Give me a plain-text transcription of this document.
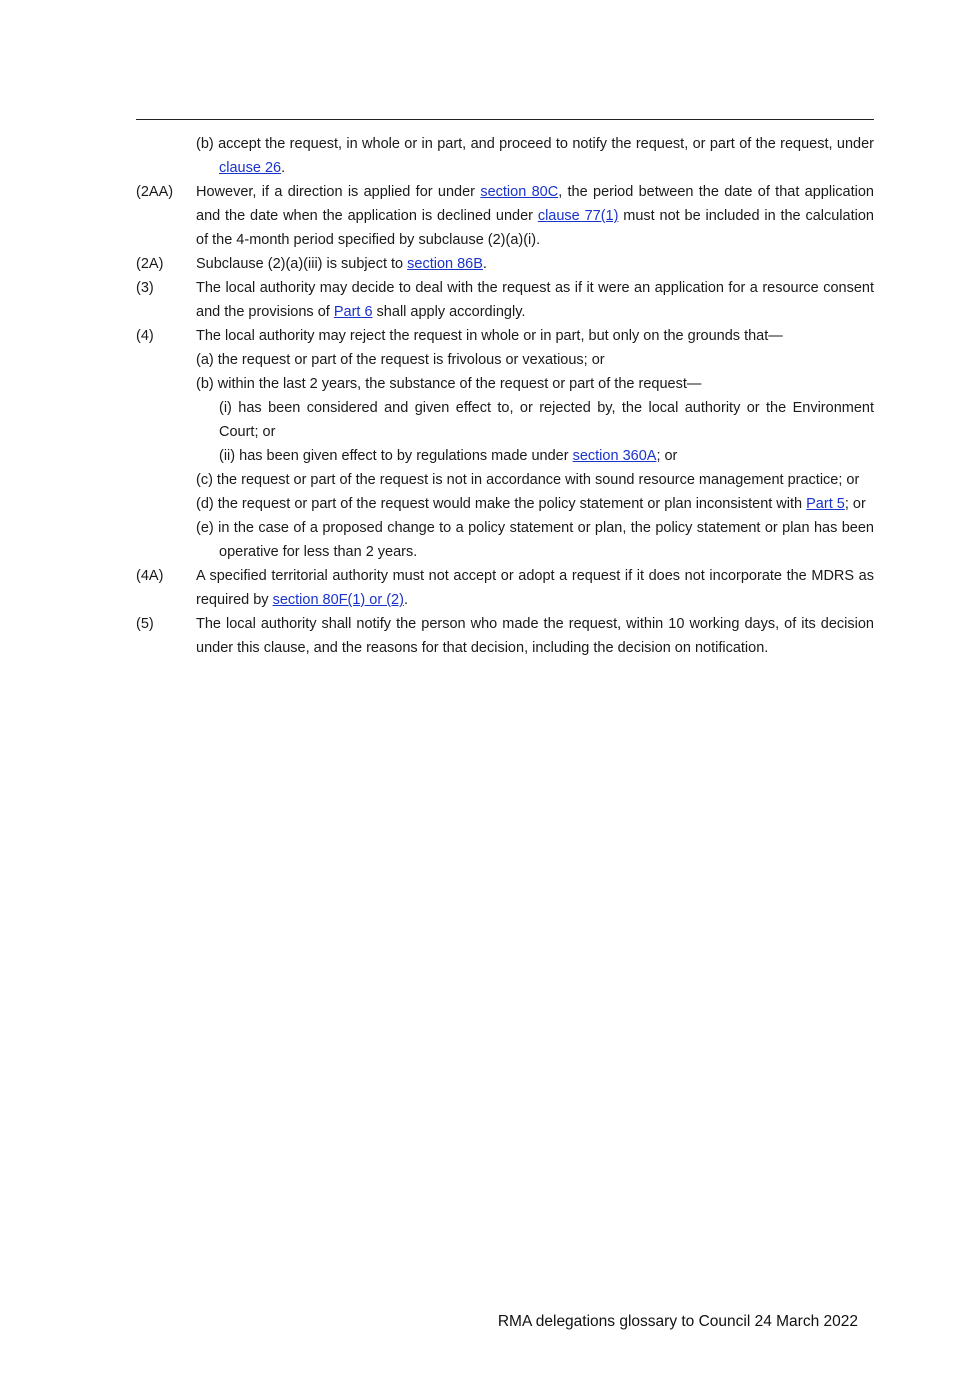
(b) accept the request, in whole or in part, and proceed to notify the request, or part of the request, under clause 26.
(2AA)	However, if a direction is applied for under section 80C, the period between the date of that application and the date when the application is declined under clause 77(1) must not be included in the calculation of the 4-month period specified by subclause (2)(a)(i).
(2A)	Subclause (2)(a)(iii) is subject to section 86B.
(3)	The local authority may decide to deal with the request as if it were an application for a resource consent and the provisions of Part 6 shall apply accordingly.
(4)	The local authority may reject the request in whole or in part, but only on the grounds that—
(a) the request or part of the request is frivolous or vexatious; or
(b) within the last 2 years, the substance of the request or part of the request—
(i) has been considered and given effect to, or rejected by, the local authority or the Environment Court; or
(ii) has been given effect to by regulations made under section 360A; or
(c) the request or part of the request is not in accordance with sound resource management practice; or
(d) the request or part of the request would make the policy statement or plan inconsistent with Part 5; or
(e) in the case of a proposed change to a policy statement or plan, the policy statement or plan has been operative for less than 2 years.
(4A)	A specified territorial authority must not accept or adopt a request if it does not incorporate the MDRS as required by section 80F(1) or (2).
(5)	The local authority shall notify the person who made the request, within 10 working days, of its decision under this clause, and the reasons for that decision, including the decision on notification.
RMA delegations glossary to Council 24 March 2022
